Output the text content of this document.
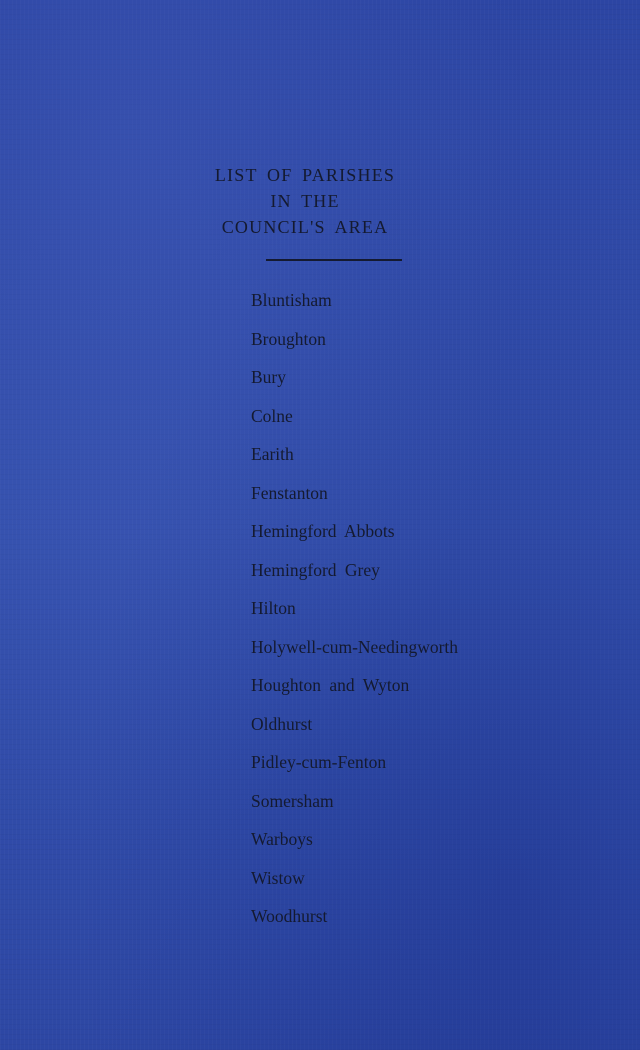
LIST OF PARISHES
IN THE
COUNCIL'S AREA
Bluntisham
Broughton
Bury
Colne
Earith
Fenstanton
Hemingford Abbots
Hemingford Grey
Hilton
Holywell-cum-Needingworth
Houghton and Wyton
Oldhurst
Pidley-cum-Fenton
Somersham
Warboys
Wistow
Woodhurst
